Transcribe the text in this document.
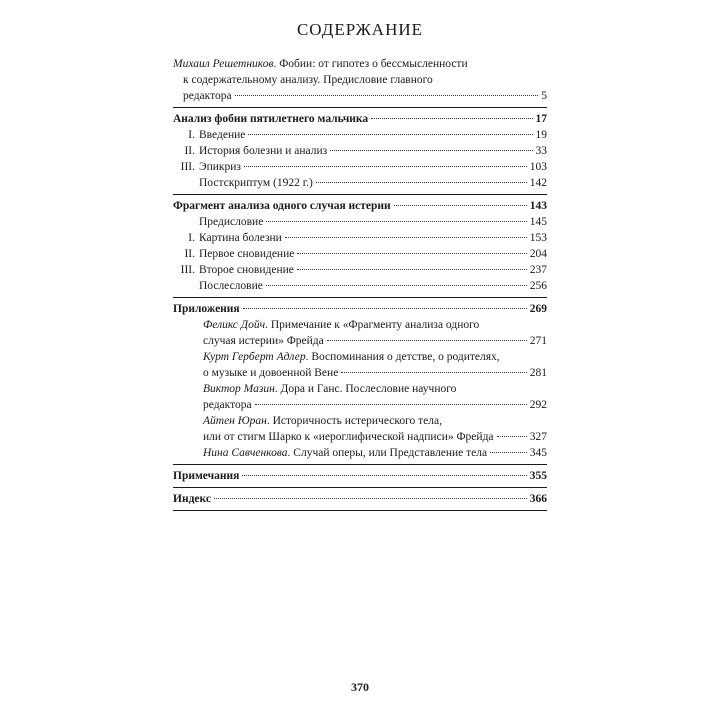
СОДЕРЖАНИЕ
Михаил Решетников. Фобии: от гипотез о бессмысленности
к содержательному анализу. Предисловие главного
редактора	5
Анализ фобии пятилетнего мальчика	17
I. Введение	19
II. История болезни и анализ	33
III. Эпикриз	103
Постскриптум (1922 г.)	142
Фрагмент анализа одного случая истерии	143
Предисловие	145
I. Картина болезни	153
II. Первое сновидение	204
III. Второе сновидение	237
Послесловие	256
Приложения	269
Феликс Дойч. Примечание к «Фрагменту анализа одного
случая истерии» Фрейда	271
Курт Герберт Адлер. Воспоминания о детстве, о родителях,
о музыке и довоенной Вене	281
Виктор Мазин. Дора и Ганс. Послесловие научного
редактора	292
Айтен Юран. Историчность истерического тела,
или от стигм Шарко к «иероглифической надписи» Фрейда	327
Нина Савченкова. Случай оперы, или Представление тела	345
Примечания	355
Индекс	366
370
